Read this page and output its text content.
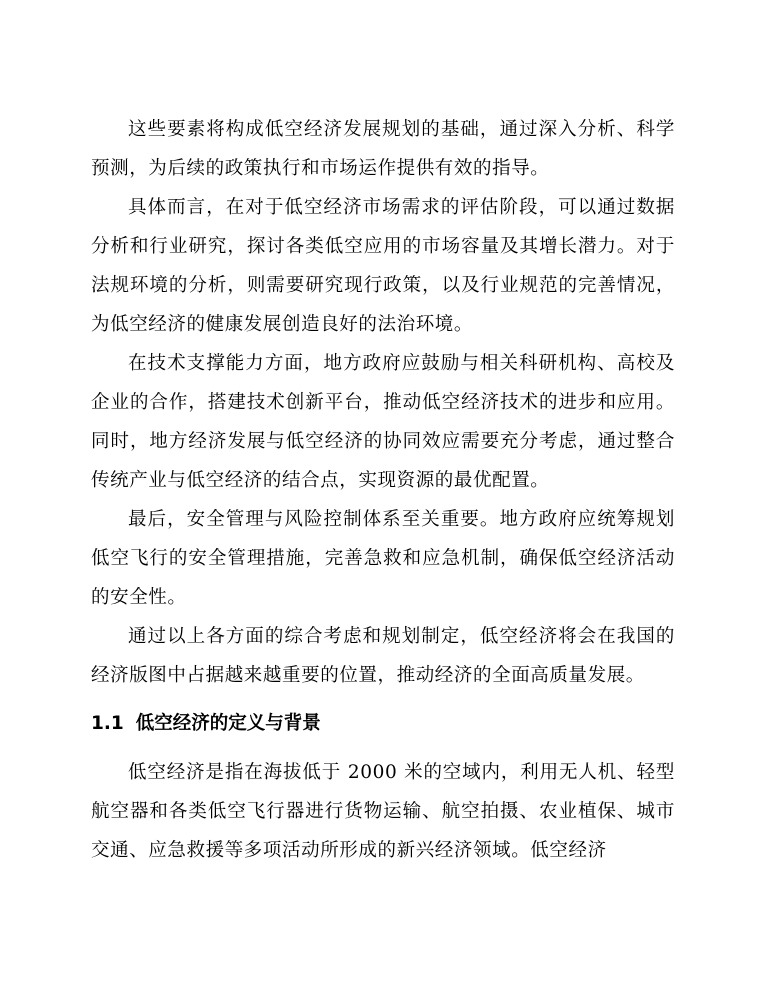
这些要素将构成低空经济发展规划的基础，通过深入分析、科学预测，为后续的政策执行和市场运作提供有效的指导。

具体而言，在对于低空经济市场需求的评估阶段，可以通过数据分析和行业研究，探讨各类低空应用的市场容量及其增长潜力。对于法规环境的分析，则需要研究现行政策，以及行业规范的完善情况，为低空经济的健康发展创造良好的法治环境。

在技术支撑能力方面，地方政府应鼓励与相关科研机构、高校及企业的合作，搭建技术创新平台，推动低空经济技术的进步和应用。同时，地方经济发展与低空经济的协同效应需要充分考虑，通过整合传统产业与低空经济的结合点，实现资源的最优配置。

最后，安全管理与风险控制体系至关重要。地方政府应统筹规划低空飞行的安全管理措施，完善急救和应急机制，确保低空经济活动的安全性。

通过以上各方面的综合考虑和规划制定，低空经济将会在我国的经济版图中占据越来越重要的位置，推动经济的全面高质量发展。

1.1 低空经济的定义与背景

低空经济是指在海拔低于 2000 米的空域内，利用无人机、轻型航空器和各类低空飞行器进行货物运输、航空拍摄、农业植保、城市交通、应急救援等多项活动所形成的新兴经济领域。低空经济
